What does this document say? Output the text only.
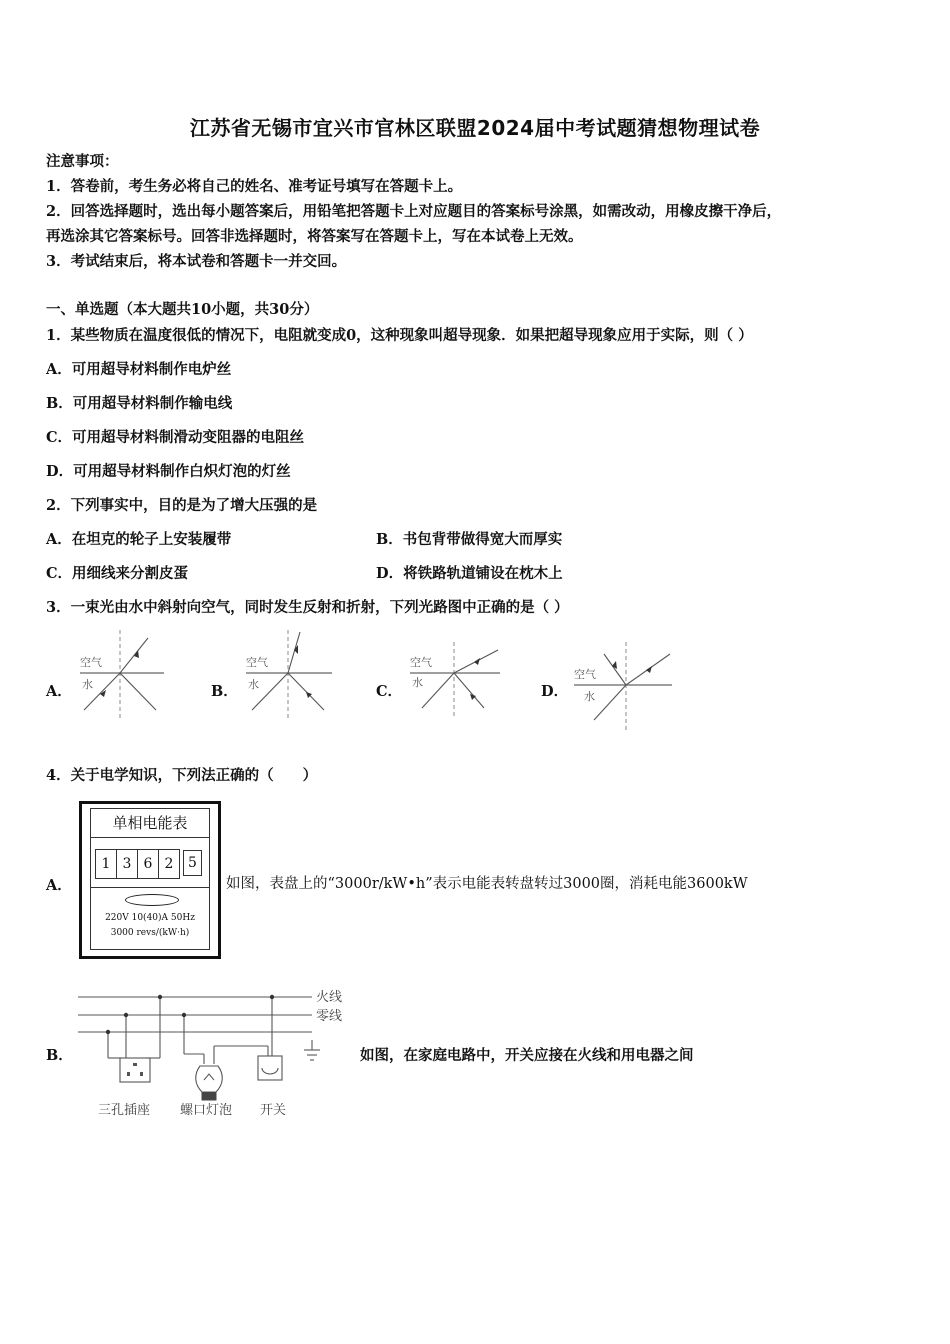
江苏省无锡市宜兴市官林区联盟2024届中考试题猜想物理试卷
注意事项：
1．答卷前，考生务必将自己的姓名、准考证号填写在答题卡上。
2．回答选择题时，选出每小题答案后，用铅笔把答题卡上对应题目的答案标号涂黑，如需改动，用橡皮擦干净后，
再选涂其它答案标号。回答非选择题时，将答案写在答题卡上，写在本试卷上无效。
3．考试结束后，将本试卷和答题卡一并交回。
一、单选题（本大题共10小题，共30分）
1．某些物质在温度很低的情况下，电阻就变成0，这种现象叫超导现象．如果把超导现象应用于实际，则（ ）
A．可用超导材料制作电炉丝
B．可用超导材料制作输电线
C．可用超导材料制滑动变阻器的电阻丝
D．可用超导材料制作白炽灯泡的灯丝
2．下列事实中，目的是为了增大压强的是
A．在坦克的轮子上安装履带	B．书包背带做得宽大而厚实
C．用细线来分割皮蛋	D．将铁路轨道铺设在枕木上
3．一束光由水中斜射向空气，同时发生反射和折射，下列光路图中正确的是（ ）
A．	B．	C．	D．
空气
水
空气
水
空气
水
空气
水
4．关于电学知识，下列法正确的（　　）
A．
单相电能表
1 3 6 2	5
220V 10(40)A 50Hz
3000 revs/(kW·h)
如图，表盘上的“3000r/kW•h”表示电能表转盘转过3000圈，消耗电能3600kW
B．
火线
零线
三孔插座 螺口灯泡 开关
如图，在家庭电路中，开关应接在火线和用电器之间
